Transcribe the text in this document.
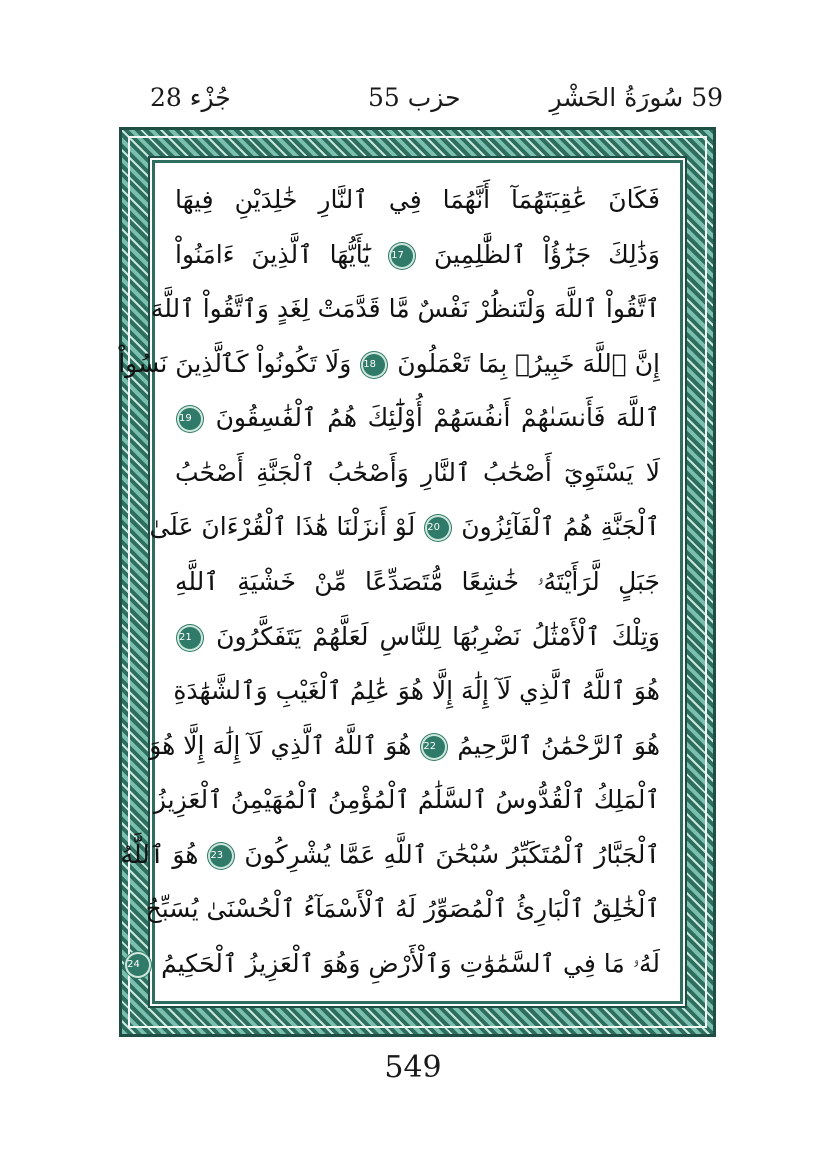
جُزْء 28	حزب 55	59 سُورَةُ الحَشْرِ
فَكَانَ عَٰقِبَتَهُمَآ أَنَّهُمَا فِي ٱلنَّارِ خَٰلِدَيْنِ فِيهَا
وَذَٰلِكَ جَزَٰٓؤُاْ ٱلظَّٰلِمِينَ 17 يَٰٓأَيُّهَا ٱلَّذِينَ ءَامَنُواْ
ٱتَّقُواْ ٱللَّهَ وَلْتَنظُرْ نَفْسٌ مَّا قَدَّمَتْ لِغَدٍ وَٱتَّقُواْ ٱللَّهَ
إِنَّ ٱللَّهَ خَبِيرُۢ بِمَا تَعْمَلُونَ 18 وَلَا تَكُونُواْ كَٱلَّذِينَ نَسُواْ
ٱللَّهَ فَأَنسَىٰهُمْ أَنفُسَهُمْ أُوْلَٰٓئِكَ هُمُ ٱلْفَٰسِقُونَ 19
لَا يَسْتَوِيٓ أَصْحَٰبُ ٱلنَّارِ وَأَصْحَٰبُ ٱلْجَنَّةِ أَصْحَٰبُ
ٱلْجَنَّةِ هُمُ ٱلْفَآئِزُونَ 20 لَوْ أَنزَلْنَا هَٰذَا ٱلْقُرْءَانَ عَلَىٰ
جَبَلٍ لَّرَأَيْتَهُۥ خَٰشِعًا مُّتَصَدِّعًا مِّنْ خَشْيَةِ ٱللَّهِ
وَتِلْكَ ٱلْأَمْثَٰلُ نَضْرِبُهَا لِلنَّاسِ لَعَلَّهُمْ يَتَفَكَّرُونَ 21
هُوَ ٱللَّهُ ٱلَّذِي لَآ إِلَٰهَ إِلَّا هُوَ عَٰلِمُ ٱلْغَيْبِ وَٱلشَّهَٰدَةِ
هُوَ ٱلرَّحْمَٰنُ ٱلرَّحِيمُ 22 هُوَ ٱللَّهُ ٱلَّذِي لَآ إِلَٰهَ إِلَّا هُوَ
ٱلْمَلِكُ ٱلْقُدُّوسُ ٱلسَّلَٰمُ ٱلْمُؤْمِنُ ٱلْمُهَيْمِنُ ٱلْعَزِيزُ
ٱلْجَبَّارُ ٱلْمُتَكَبِّرُ سُبْحَٰنَ ٱللَّهِ عَمَّا يُشْرِكُونَ 23 هُوَ ٱللَّهُ
ٱلْخَٰلِقُ ٱلْبَارِئُ ٱلْمُصَوِّرُ لَهُ ٱلْأَسْمَآءُ ٱلْحُسْنَىٰ يُسَبِّحُ
لَهُۥ مَا فِي ٱلسَّمَٰوَٰتِ وَٱلْأَرْضِ وَهُوَ ٱلْعَزِيزُ ٱلْحَكِيمُ 24
549
